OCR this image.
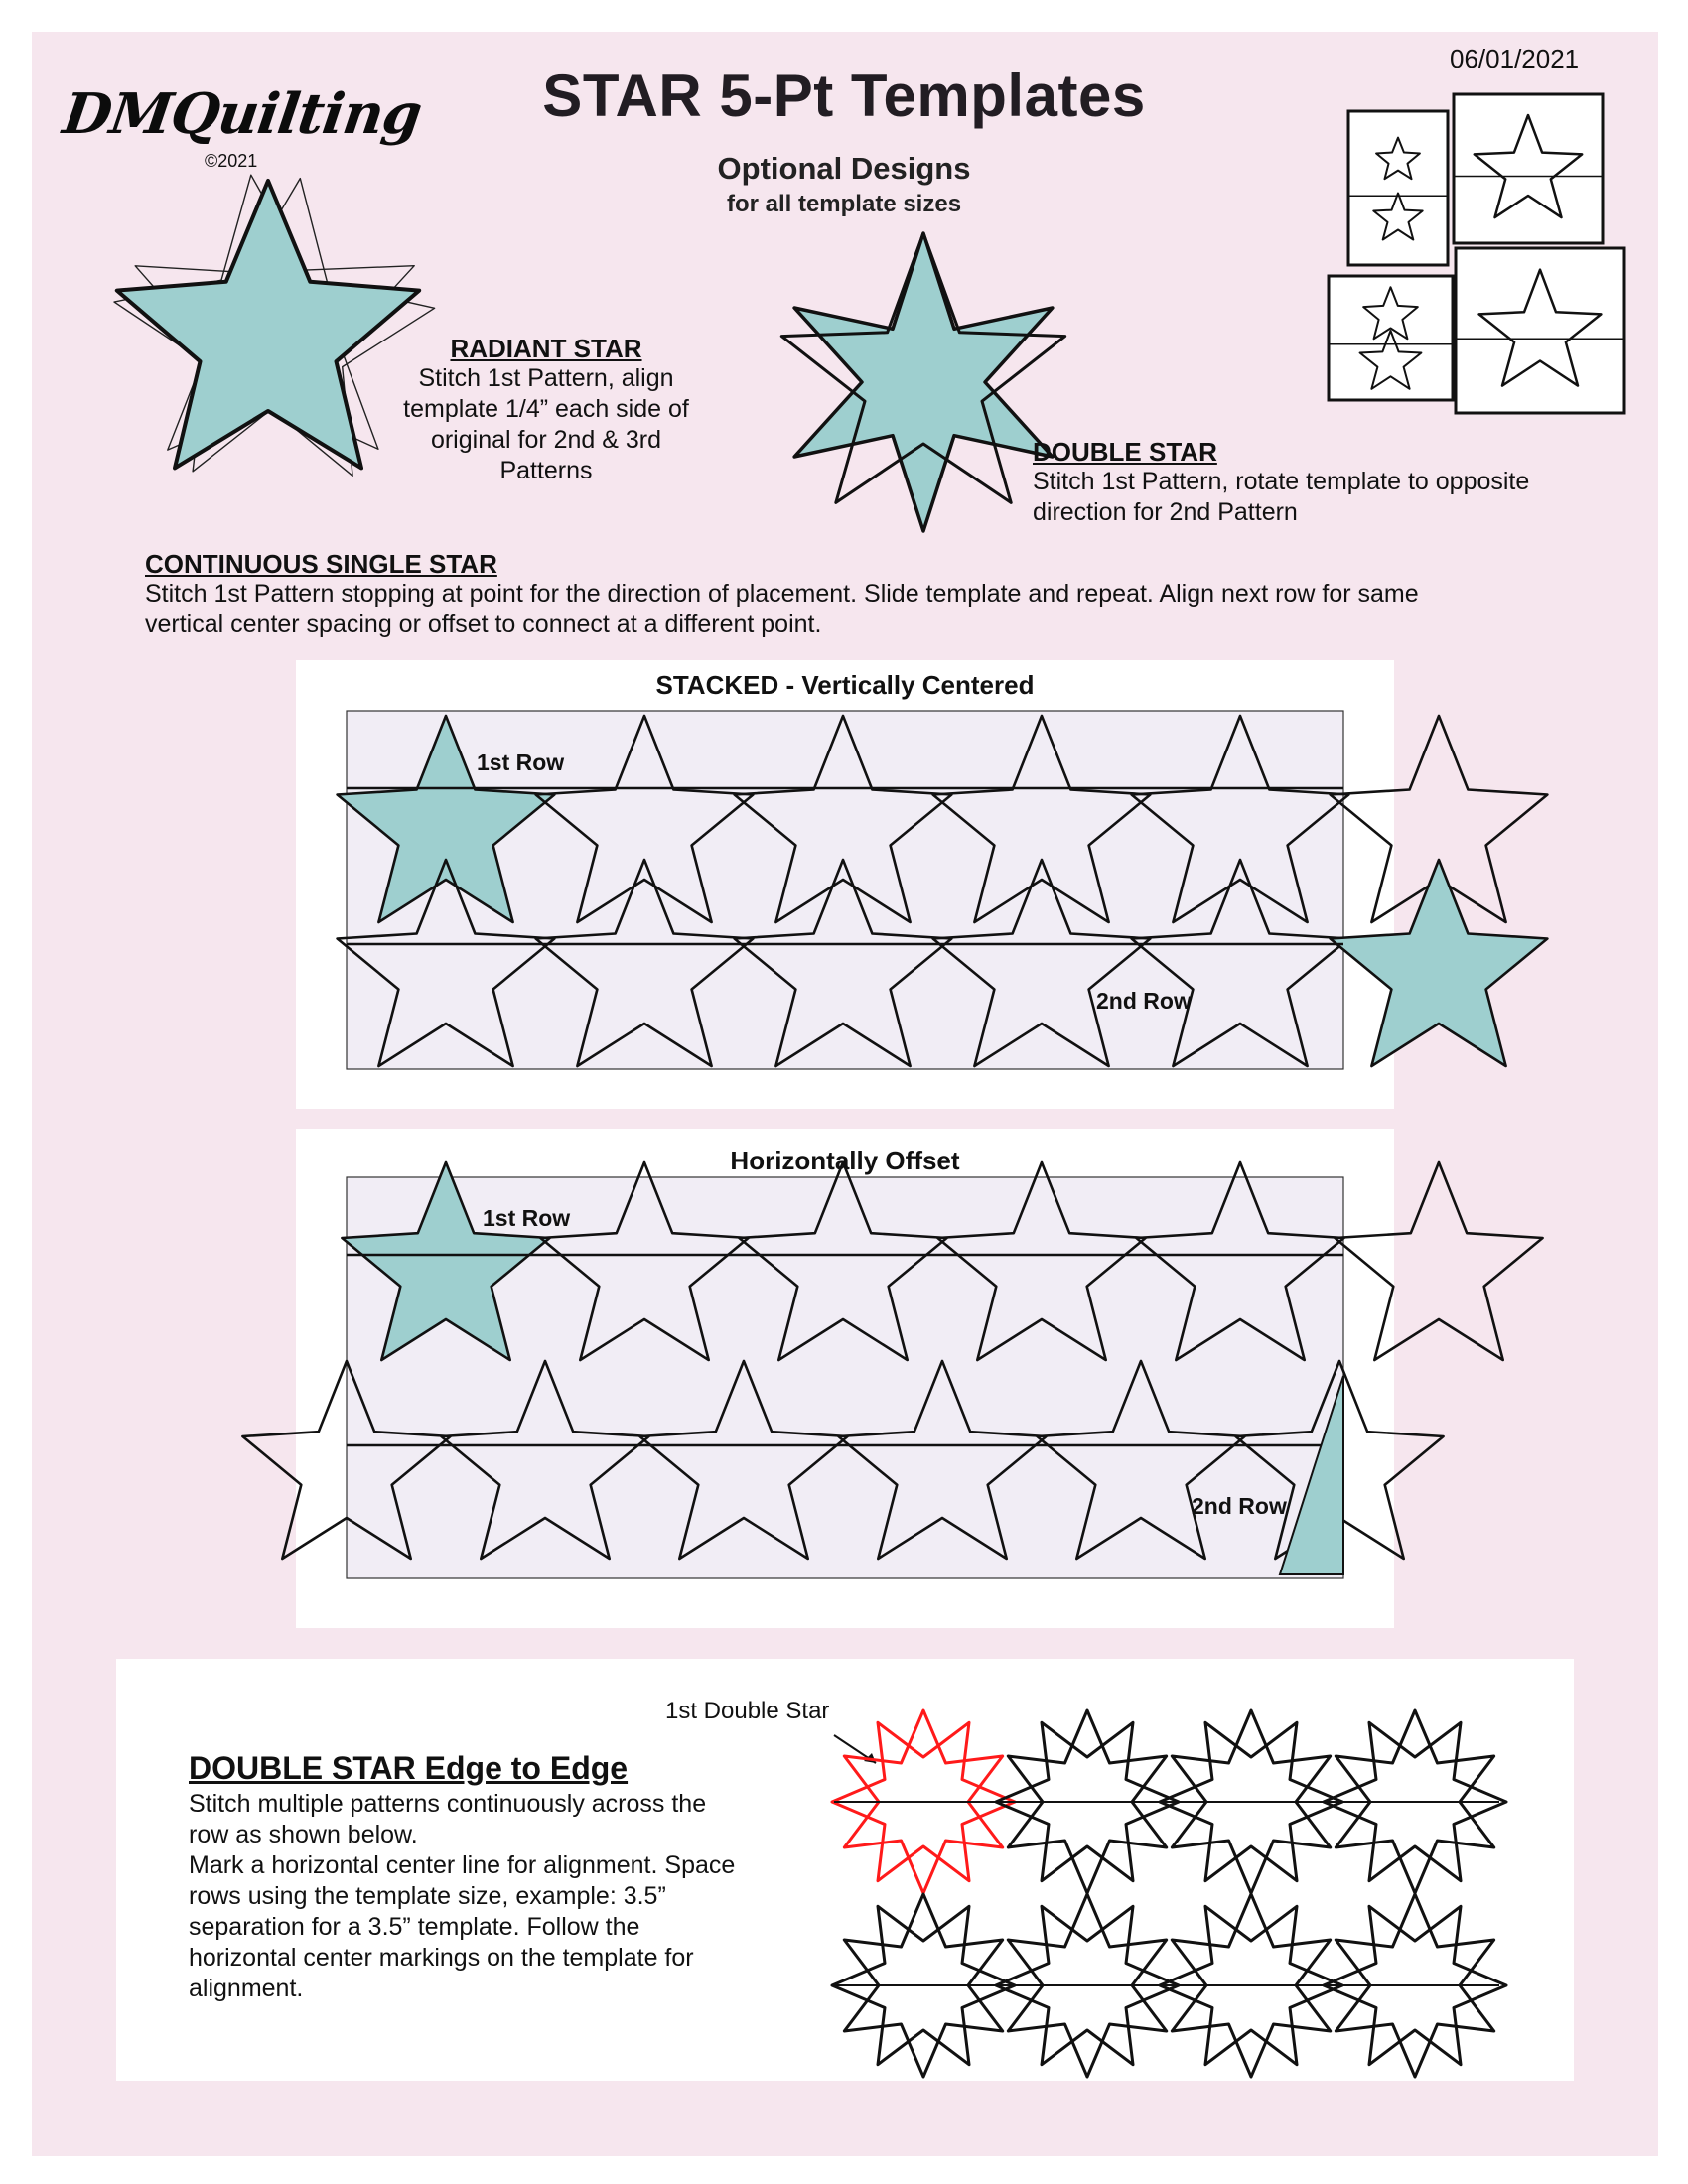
06/01/2021
DMQuilting
©2021
STAR 5-Pt Templates
Optional Designs
for all template sizes
RADIANT STAR
Stitch 1st Pattern, align
template 1/4” each side of
original for 2nd & 3rd
Patterns
DOUBLE STAR
Stitch 1st Pattern, rotate template to opposite
direction for 2nd Pattern
CONTINUOUS SINGLE STAR
Stitch 1st Pattern stopping at point for the direction of placement. Slide template and repeat. Align next row for same
vertical center spacing or offset to connect at a different point.
STACKED - Vertically Centered
1st Row
2nd Row
Horizontally Offset
1st Row
2nd Row
DOUBLE STAR Edge to Edge
Stitch multiple patterns continuously across the
row as shown below.
Mark a horizontal center line for alignment. Space
rows using the template size, example: 3.5”
separation for a 3.5” template. Follow the
horizontal center markings on the template for
alignment.
1st Double Star
